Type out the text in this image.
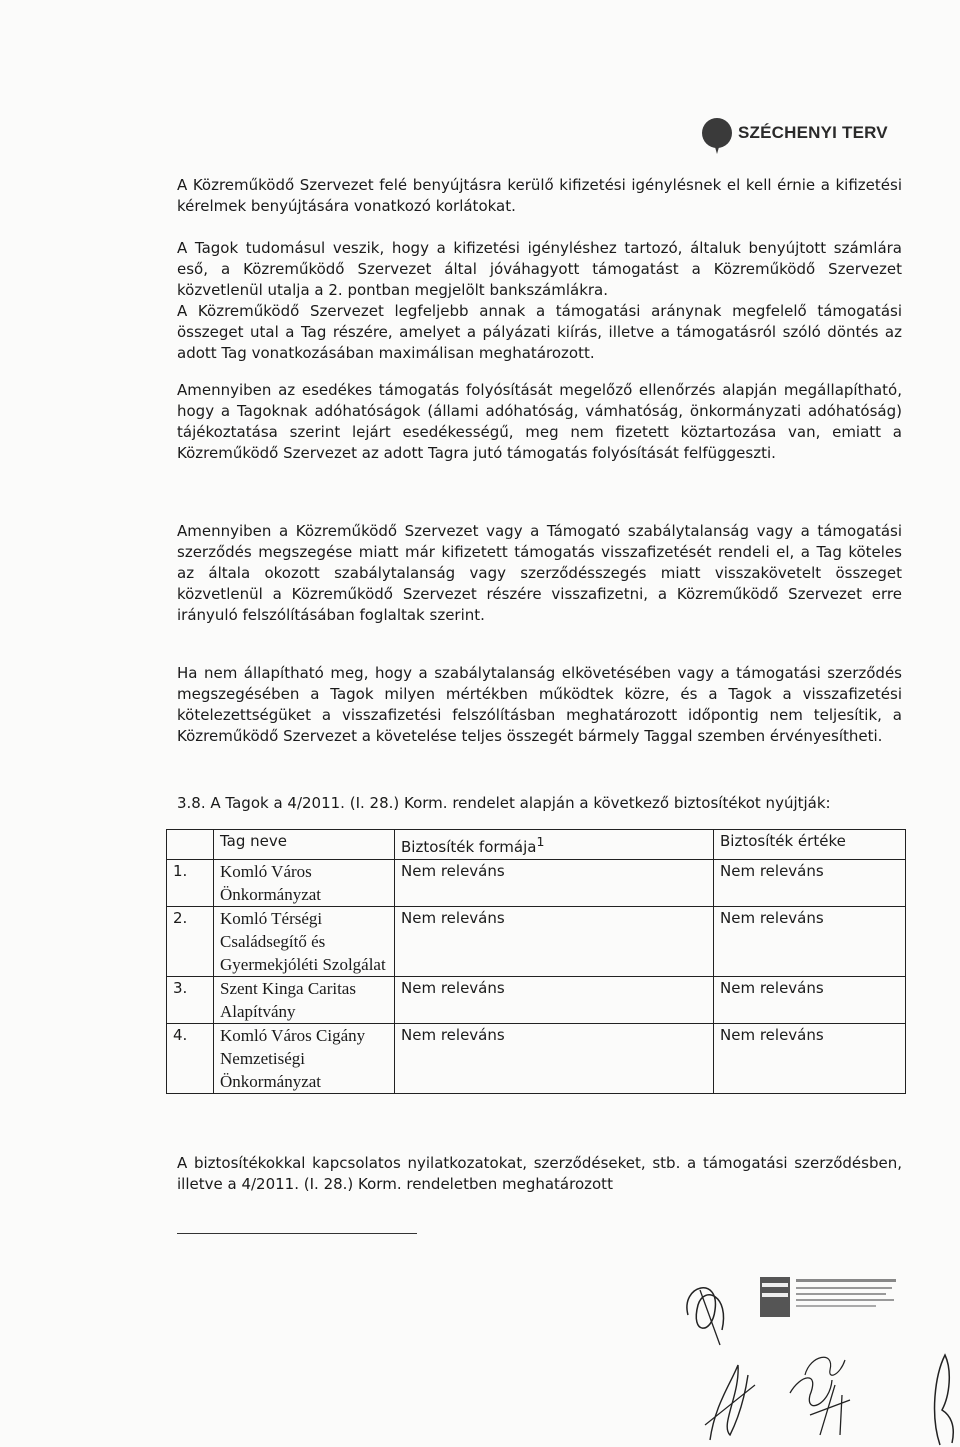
SZÉCHENYI TERV

A Közreműködő Szervezet felé benyújtásra kerülő kifizetési igénylésnek el kell érnie a kifizetési kérelmek benyújtására vonatkozó korlátokat.

A Tagok tudomásul veszik, hogy a kifizetési igényléshez tartozó, általuk benyújtott számlára eső, a Közreműködő Szervezet által jóváhagyott támogatást a Közreműködő Szervezet közvetlenül utalja a 2. pontban megjelölt bankszámlákra.

A Közreműködő Szervezet legfeljebb annak a támogatási aránynak megfelelő támogatási összeget utal a Tag részére, amelyet a pályázati kiírás, illetve a támogatásról szóló döntés az adott Tag vonatkozásában maximálisan meghatározott.

Amennyiben az esedékes támogatás folyósítását megelőző ellenőrzés alapján megállapítható, hogy a Tagoknak adóhatóságok (állami adóhatóság, vámhatóság, önkormányzati adóhatóság) tájékoztatása szerint lejárt esedékességű, meg nem fizetett köztartozása van, emiatt a Közreműködő Szervezet az adott Tagra jutó támogatás folyósítását felfüggeszti.

Amennyiben a Közreműködő Szervezet vagy a Támogató szabálytalanság vagy a támogatási szerződés megszegése miatt már kifizetett támogatás visszafizetését rendeli el, a Tag köteles az általa okozott szabálytalanság vagy szerződésszegés miatt visszakövetelt összeget közvetlenül a Közreműködő Szervezet részére visszafizetni, a Közreműködő Szervezet erre irányuló felszólításában foglaltak szerint.

Ha nem állapítható meg, hogy a szabálytalanság elkövetésében vagy a támogatási szerződés megszegésében a Tagok milyen mértékben működtek közre, és a Tagok a visszafizetési kötelezettségüket a visszafizetési felszólításban meghatározott időpontig nem teljesítik, a Közreműködő Szervezet a követelése teljes összegét bármely Taggal szemben érvényesítheti.

3.8. A Tagok a 4/2011. (I. 28.) Korm. rendelet alapján a következő biztosítékot nyújtják:

	Tag neve	Biztosíték formája$^1$	Biztosíték értéke
1.	Komló Város Önkormányzat	Nem releváns	Nem releváns
2.	Komló Térségi Családsegítő és Gyermekjóléti Szolgálat	Nem releváns	Nem releváns
3.	Szent Kinga Caritas Alapítvány	Nem releváns	Nem releváns
4.	Komló Város Cigány Nemzetiségi Önkormányzat	Nem releváns	Nem releváns

A biztosítékokkal kapcsolatos nyilatkozatokat, szerződéseket, stb. a támogatási szerződésben, illetve a 4/2011. (I. 28.) Korm. rendeletben meghatározott
